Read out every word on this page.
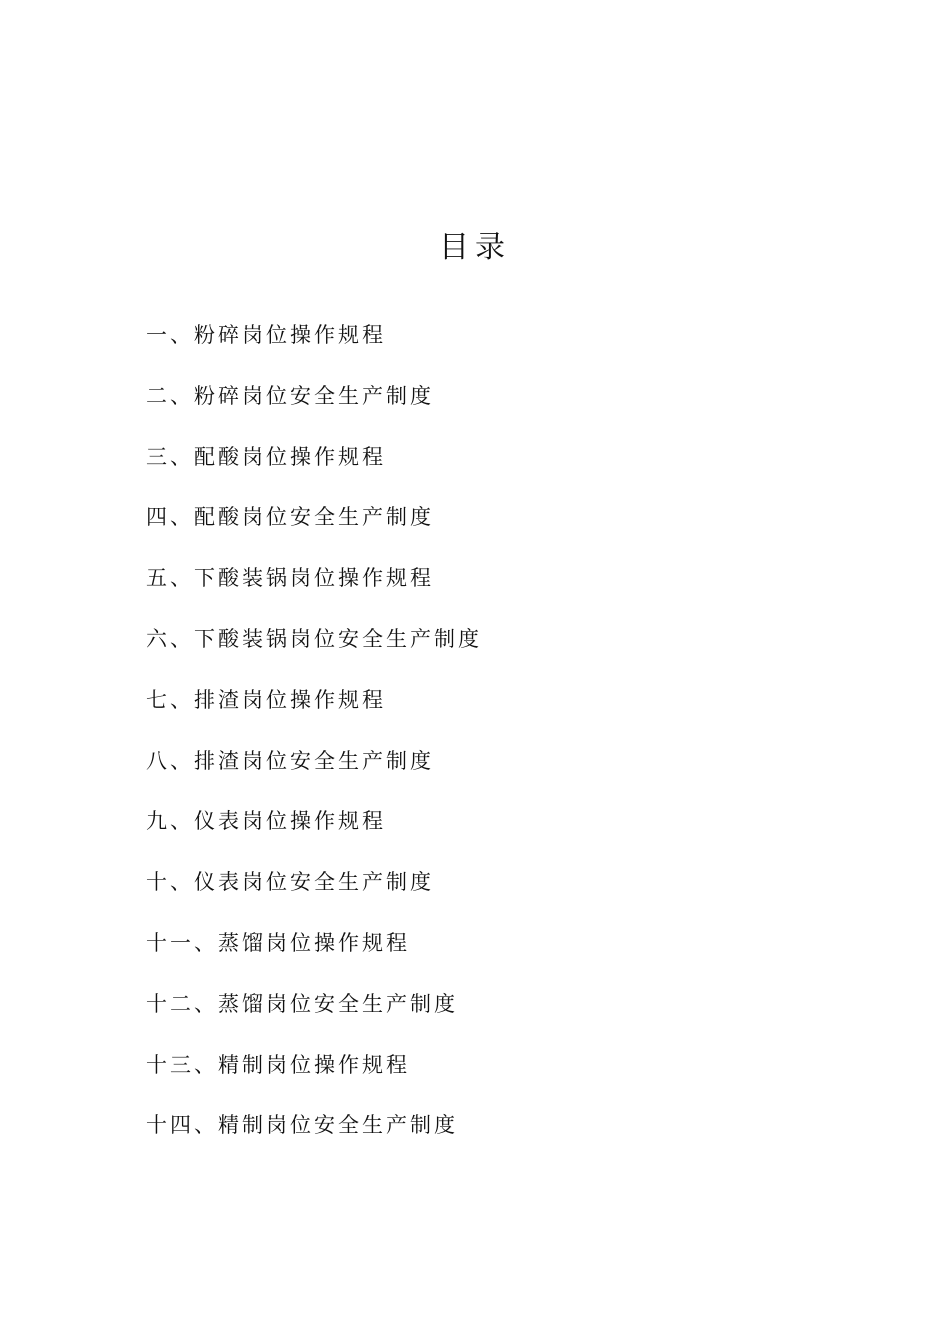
目录
一、粉碎岗位操作规程
二、粉碎岗位安全生产制度
三、配酸岗位操作规程
四、配酸岗位安全生产制度
五、下酸装锅岗位操作规程
六、下酸装锅岗位安全生产制度
七、排渣岗位操作规程
八、排渣岗位安全生产制度
九、仪表岗位操作规程
十、仪表岗位安全生产制度
十一、蒸馏岗位操作规程
十二、蒸馏岗位安全生产制度
十三、精制岗位操作规程
十四、精制岗位安全生产制度
